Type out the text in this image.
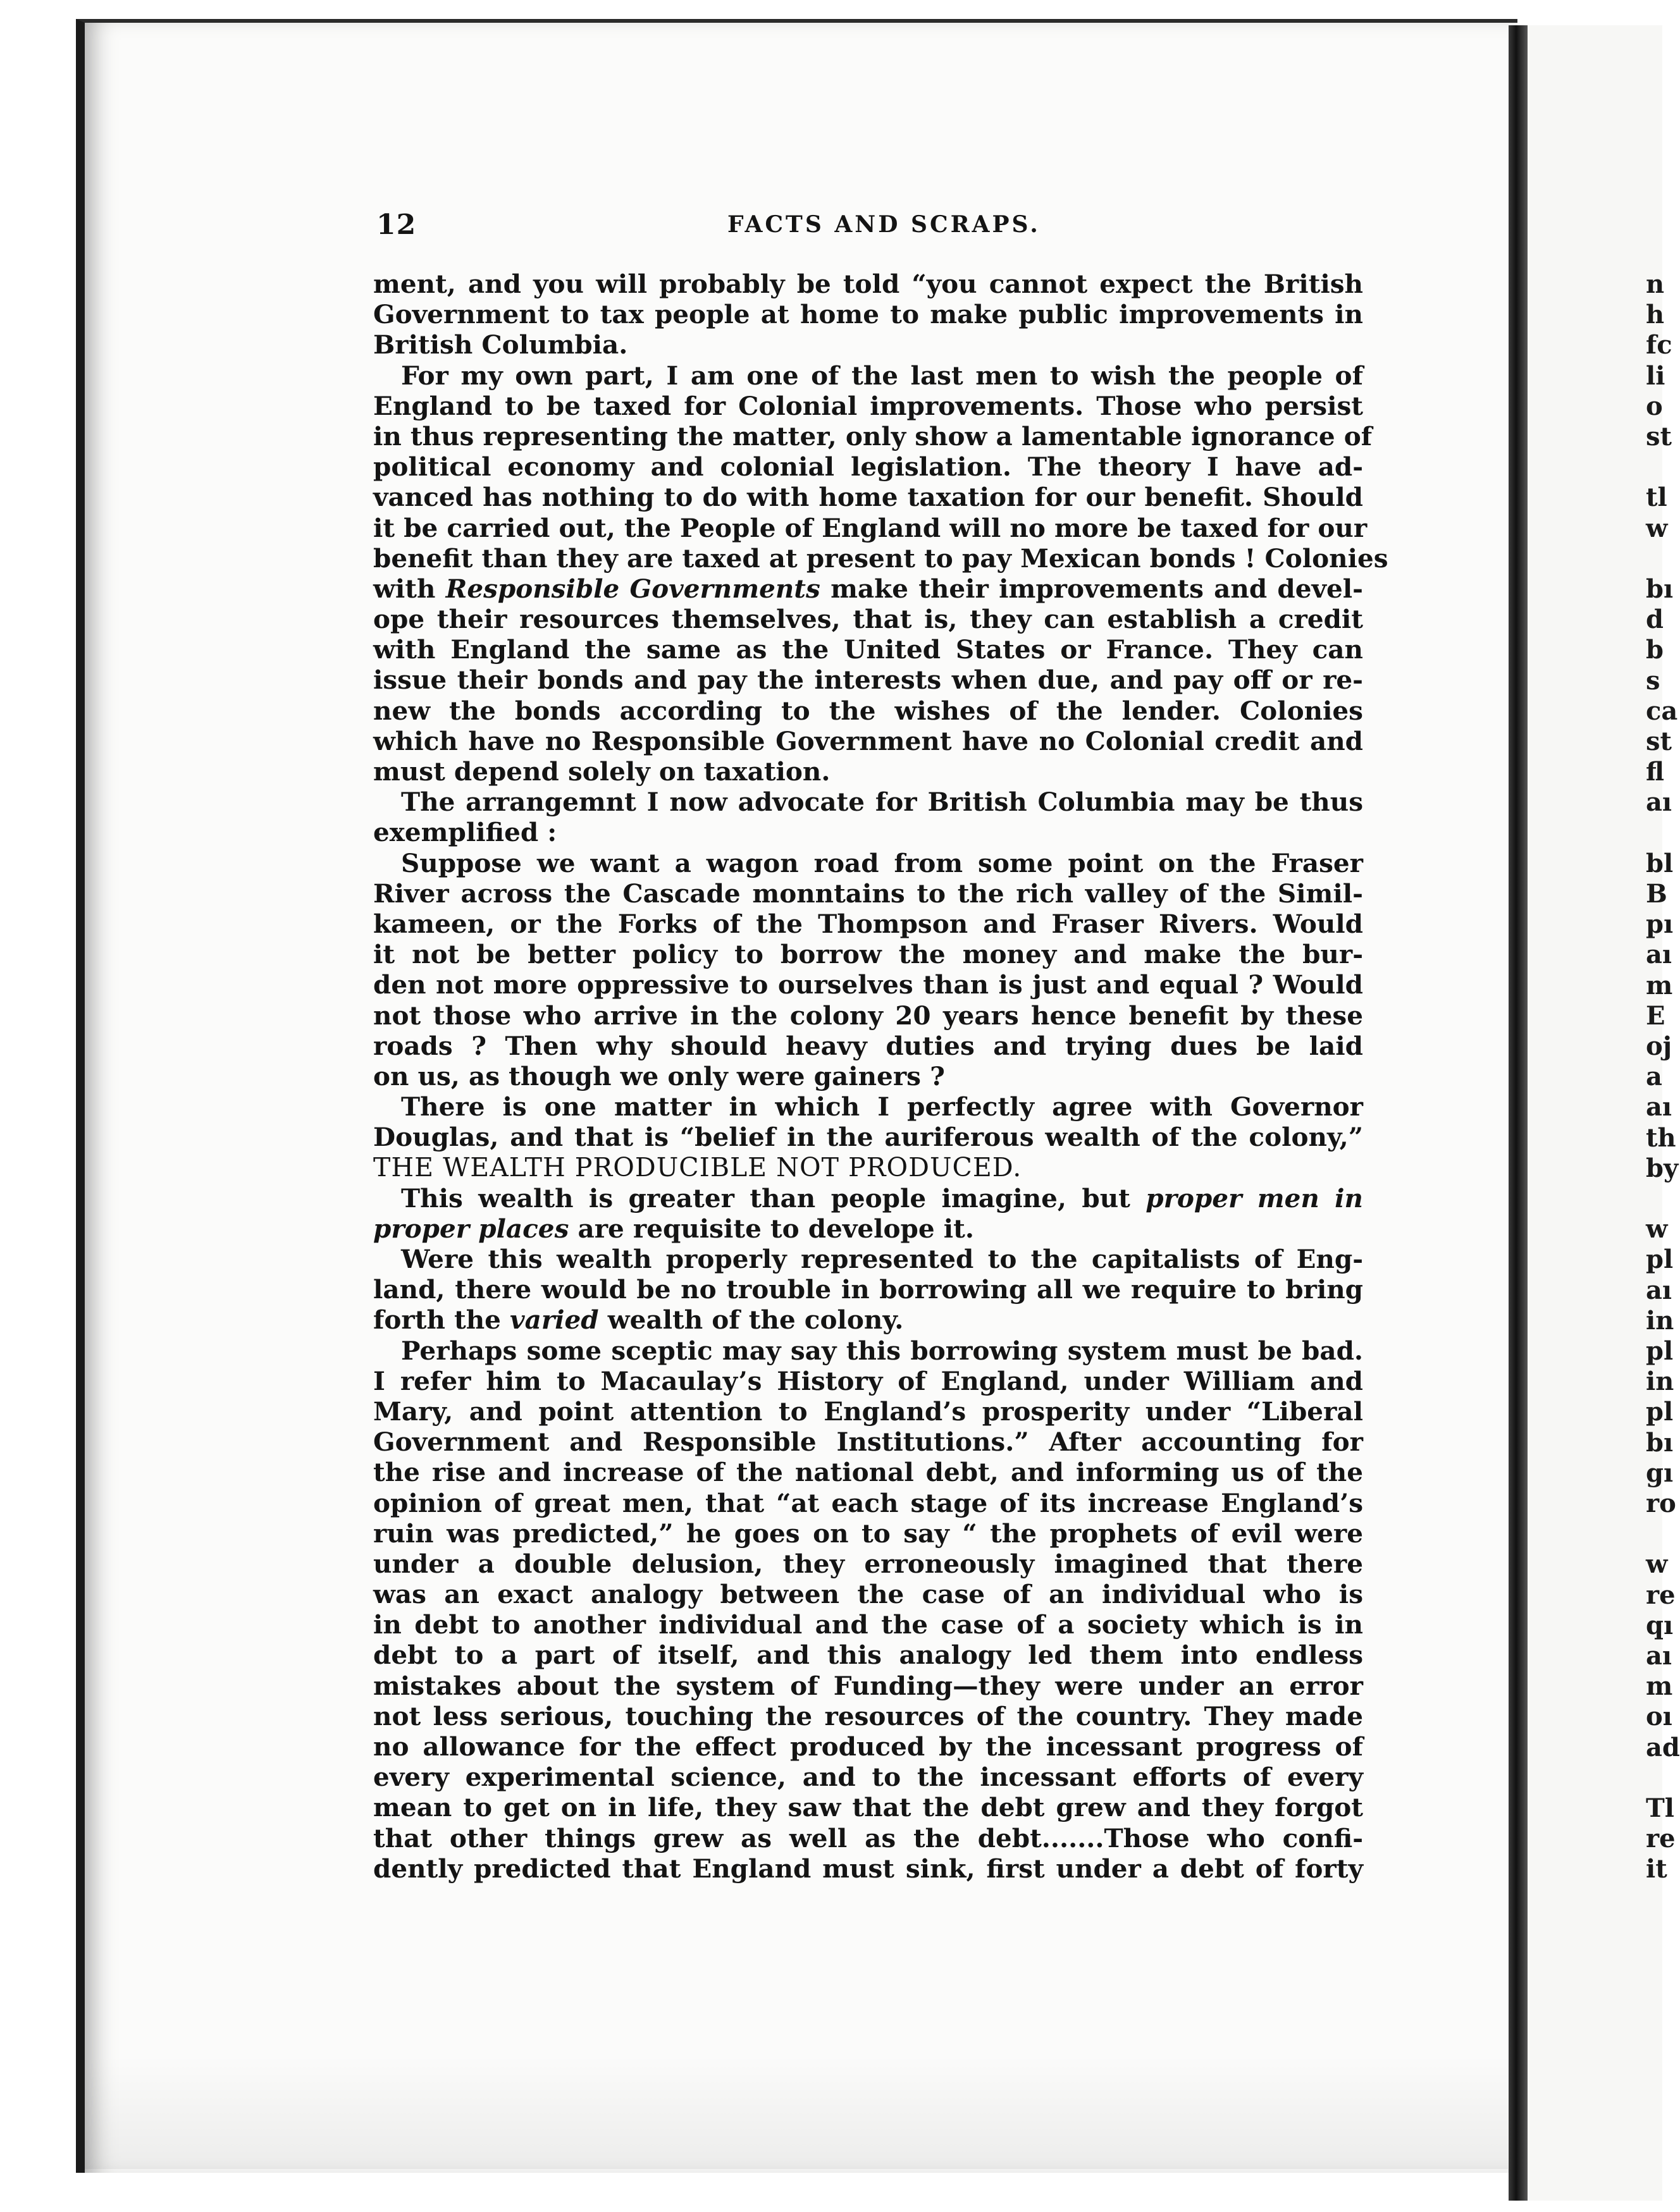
n
h
fc
li
o
st
tl
w
bı
d
b
s
ca
st
fl
aı
bl
B
pı
aı
m
E
oj
a
aı
th
by
w
pl
aı
in
pl
in
pl
bı
gı
ro
w
re
qı
aı
m
oı
ad
Tl
re
it
12	FACTS AND SCRAPS.
ment, and you will probably be told “you cannot expect the British
Government to tax people at home to make public improvements in
British Columbia.
For my own part, I am one of the last men to wish the people of
England to be taxed for Colonial improvements. Those who persist
in thus representing the matter, only show a lamentable ignorance of
political economy and colonial legislation. The theory I have ad-
vanced has nothing to do with home taxation for our benefit. Should
it be carried out, the People of England will no more be taxed for our
benefit than they are taxed at present to pay Mexican bonds ! Colonies
with Responsible Governments make their improvements and devel-
ope their resources themselves, that is, they can establish a credit
with England the same as the United States or France. They can
issue their bonds and pay the interests when due, and pay off or re-
new the bonds according to the wishes of the lender. Colonies
which have no Responsible Government have no Colonial credit and
must depend solely on taxation.
The arrangemnt I now advocate for British Columbia may be thus
exemplified :
Suppose we want a wagon road from some point on the Fraser
River across the Cascade monntains to the rich valley of the Simil-
kameen, or the Forks of the Thompson and Fraser Rivers. Would
it not be better policy to borrow the money and make the bur-
den not more oppressive to ourselves than is just and equal ? Would
not those who arrive in the colony 20 years hence benefit by these
roads ? Then why should heavy duties and trying dues be laid
on us, as though we only were gainers ?
There is one matter in which I perfectly agree with Governor
Douglas, and that is “belief in the auriferous wealth of the colony,”
THE WEALTH PRODUCIBLE NOT PRODUCED.
This wealth is greater than people imagine, but proper men in
proper places are requisite to develope it.
Were this wealth properly represented to the capitalists of Eng-
land, there would be no trouble in borrowing all we require to bring
forth the varied wealth of the colony.
Perhaps some sceptic may say this borrowing system must be bad.
I refer him to Macaulay’s History of England, under William and
Mary, and point attention to England’s prosperity under “Liberal
Government and Responsible Institutions.” After accounting for
the rise and increase of the national debt, and informing us of the
opinion of great men, that “at each stage of its increase England’s
ruin was predicted,” he goes on to say “ the prophets of evil were
under a double delusion, they erroneously imagined that there
was an exact analogy between the case of an individual who is
in debt to another individual and the case of a society which is in
debt to a part of itself, and this analogy led them into endless
mistakes about the system of Funding—they were under an error
not less serious, touching the resources of the country. They made
no allowance for the effect produced by the incessant progress of
every experimental science, and to the incessant efforts of every
mean to get on in life, they saw that the debt grew and they forgot
that other things grew as well as the debt.......Those who confi-
dently predicted that England must sink, first under a debt of forty
